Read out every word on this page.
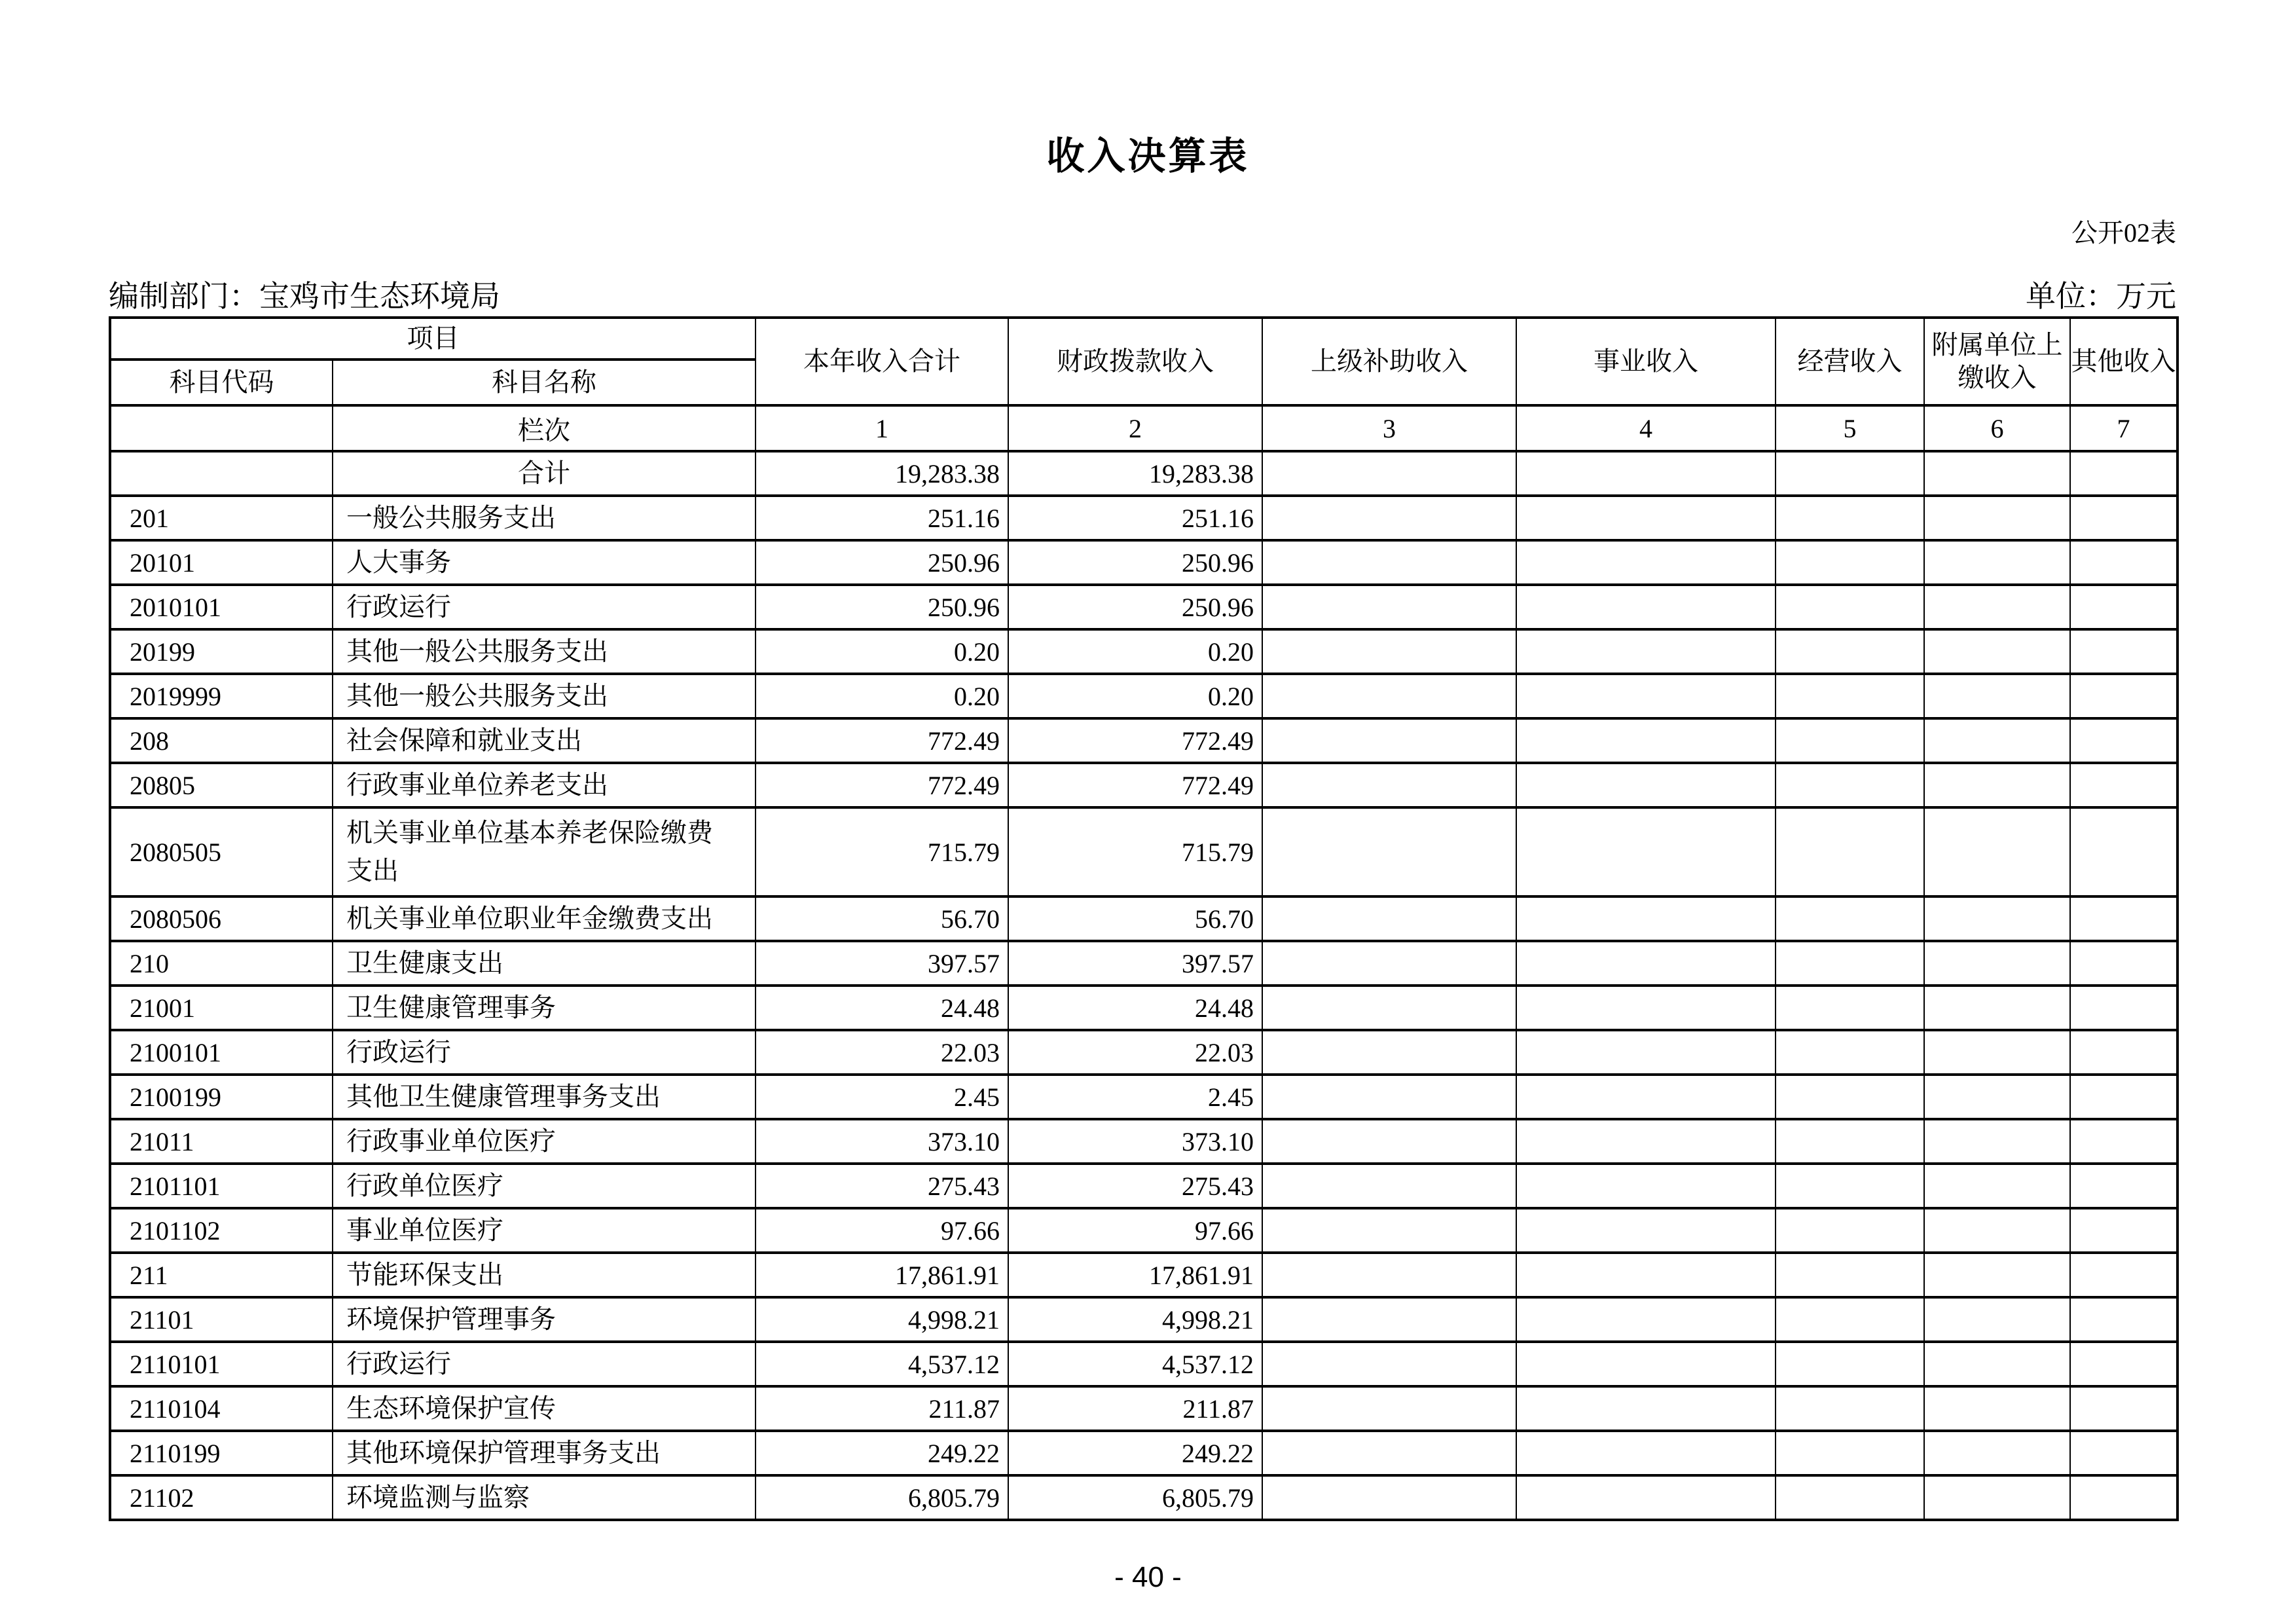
收入决算表
公开02表
编制部门：宝鸡市生态环境局	单位：万元
项目		本年收入合计	财政拨款收入	上级补助收入	事业收入	经营收入	附属单位上缴收入	其他收入
科目代码	科目名称							
	栏次	1	2	3	4	5	6	7
	合计	19,283.38	19,283.38					
201	一般公共服务支出	251.16	251.16					
20101	人大事务	250.96	250.96					
2010101	行政运行	250.96	250.96					
20199	其他一般公共服务支出	0.20	0.20					
2019999	其他一般公共服务支出	0.20	0.20					
208	社会保障和就业支出	772.49	772.49					
20805	行政事业单位养老支出	772.49	772.49					
2080505	机关事业单位基本养老保险缴费支出	715.79	715.79					
2080506	机关事业单位职业年金缴费支出	56.70	56.70					
210	卫生健康支出	397.57	397.57					
21001	卫生健康管理事务	24.48	24.48					
2100101	行政运行	22.03	22.03					
2100199	其他卫生健康管理事务支出	2.45	2.45					
21011	行政事业单位医疗	373.10	373.10					
2101101	行政单位医疗	275.43	275.43					
2101102	事业单位医疗	97.66	97.66					
211	节能环保支出	17,861.91	17,861.91					
21101	环境保护管理事务	4,998.21	4,998.21					
2110101	行政运行	4,537.12	4,537.12					
2110104	生态环境保护宣传	211.87	211.87					
2110199	其他环境保护管理事务支出	249.22	249.22					
21102	环境监测与监察	6,805.79	6,805.79					
- 40 -
